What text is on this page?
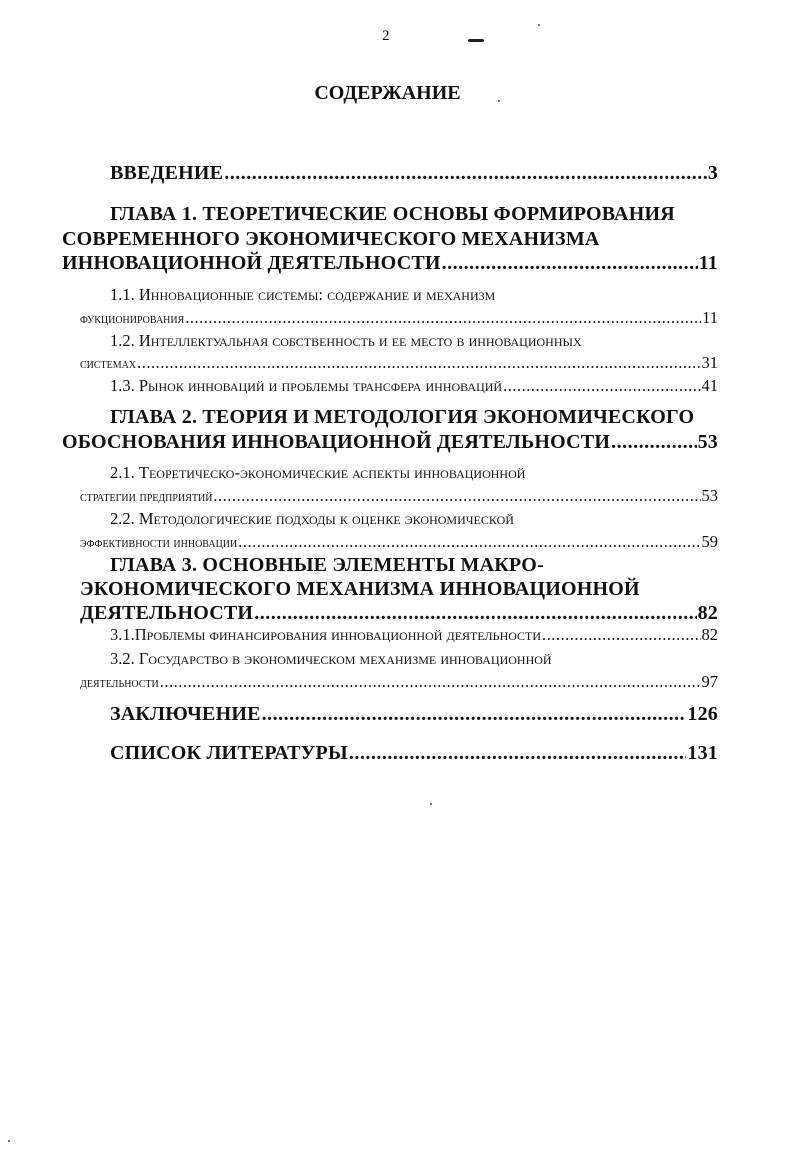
2
СОДЕРЖАНИЕ
ВВЕДЕНИЕ .....	3
ГЛАВА 1. ТЕОРЕТИЧЕСКИЕ ОСНОВЫ ФОРМИРОВАНИЯ
СОВРЕМЕННОГО ЭКОНОМИЧЕСКОГО МЕХАНИЗМА
ИННОВАЦИОННОЙ ДЕЯТЕЛЬНОСТИ .....	11
1.1. Инновационные системы: содержание и механизм
фукционирования .....	11
1.2. Интеллектуальная собственность и ее место в инновационных
системах .....	31
1.3. Рынок инноваций и проблемы трансфера инноваций .....	41
ГЛАВА 2. ТЕОРИЯ И МЕТОДОЛОГИЯ ЭКОНОМИЧЕСКОГО
ОБОСНОВАНИЯ ИННОВАЦИОННОЙ ДЕЯТЕЛЬНОСТИ .....	53
2.1. Теоретическо-экономические аспекты инновационной
стратегии предприятий .....	53
2.2. Методологические подходы к оценке экономической
эффективности инновации .....	59
ГЛАВА 3. ОСНОВНЫЕ ЭЛЕМЕНТЫ МАКРО-
ЭКОНОМИЧЕСКОГО МЕХАНИЗМА ИННОВАЦИОННОЙ
ДЕЯТЕЛЬНОСТИ .....	82
3.1.Проблемы финансирования инновационной деятельности .....	82
3.2. Государство в экономическом механизме инновационной
деятельности .....	97
ЗАКЛЮЧЕНИЕ .....	126
СПИСОК ЛИТЕРАТУРЫ .....	131
